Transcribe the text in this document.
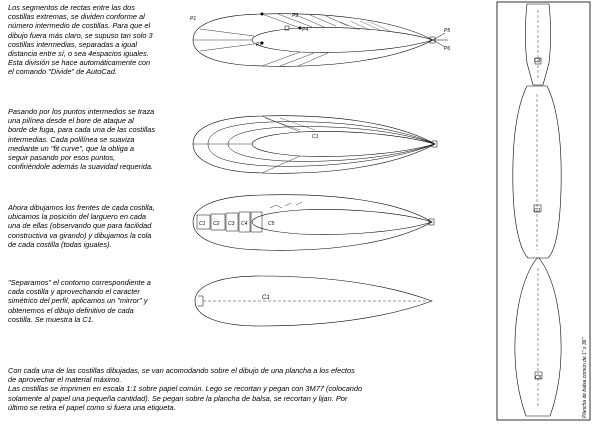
Los segmentos de rectas entre las dos
costillas extremas, se dividen conforme al
número intermedio de costillas. Para que el
dibujo fuera más claro, se supuso tan solo 3
costillas intermedias, separadas a igual
distancia entre sí, o sea 4espacios iguales.
Esta división se hace automáticamente con
el comando "Divide" de AutoCad.
Pasando por los puntos intermedios se traza
una pilínea desde el bore de ataque al
borde de fuga, para cada una de las costillas
intermedias. Cada polilínea se suaviza
mediante un "fit curve", que la obliga a
seguir pasando por esos puntos,
confiriéndole además la suavidad requerida.
Ahora dibujamos los frentes de cada costilla,
ubicamos la posición del larguero en cada
una de ellas (observando que para facilidad
constructiva va girando) y dibujamos la cola
de cada costilla (todas iguales).
"Separamos" el contorno correspondiente a
cada costilla y aprovechando el caracter
simétrico del perfil, aplicamos un "mirror" y
obtenemos el dibujo definitivo de cada
costilla. Se muestra la C1.
Con cada una de las costillas dibujadas, se van acomodando sobre el dibujo de una plancha a los efectos
de aprovechar el material máximo.
Las costillas se imprimen en escala 1:1 sobre papel común. Lego se recortan y pegan con 3M77 (colocando
solamente al papel una pequeña cantidad). Se pegan sobre la plancha de balsa, se recortan y lijan. Por
último se retira el papel como si fuera una etiqueta.
P1
P2
P3
P4	P5
P6
C1
C1 C2 C3 C4	C5
C1
C3
C1
C5	Plancha de balsa común de 1" x 36"
